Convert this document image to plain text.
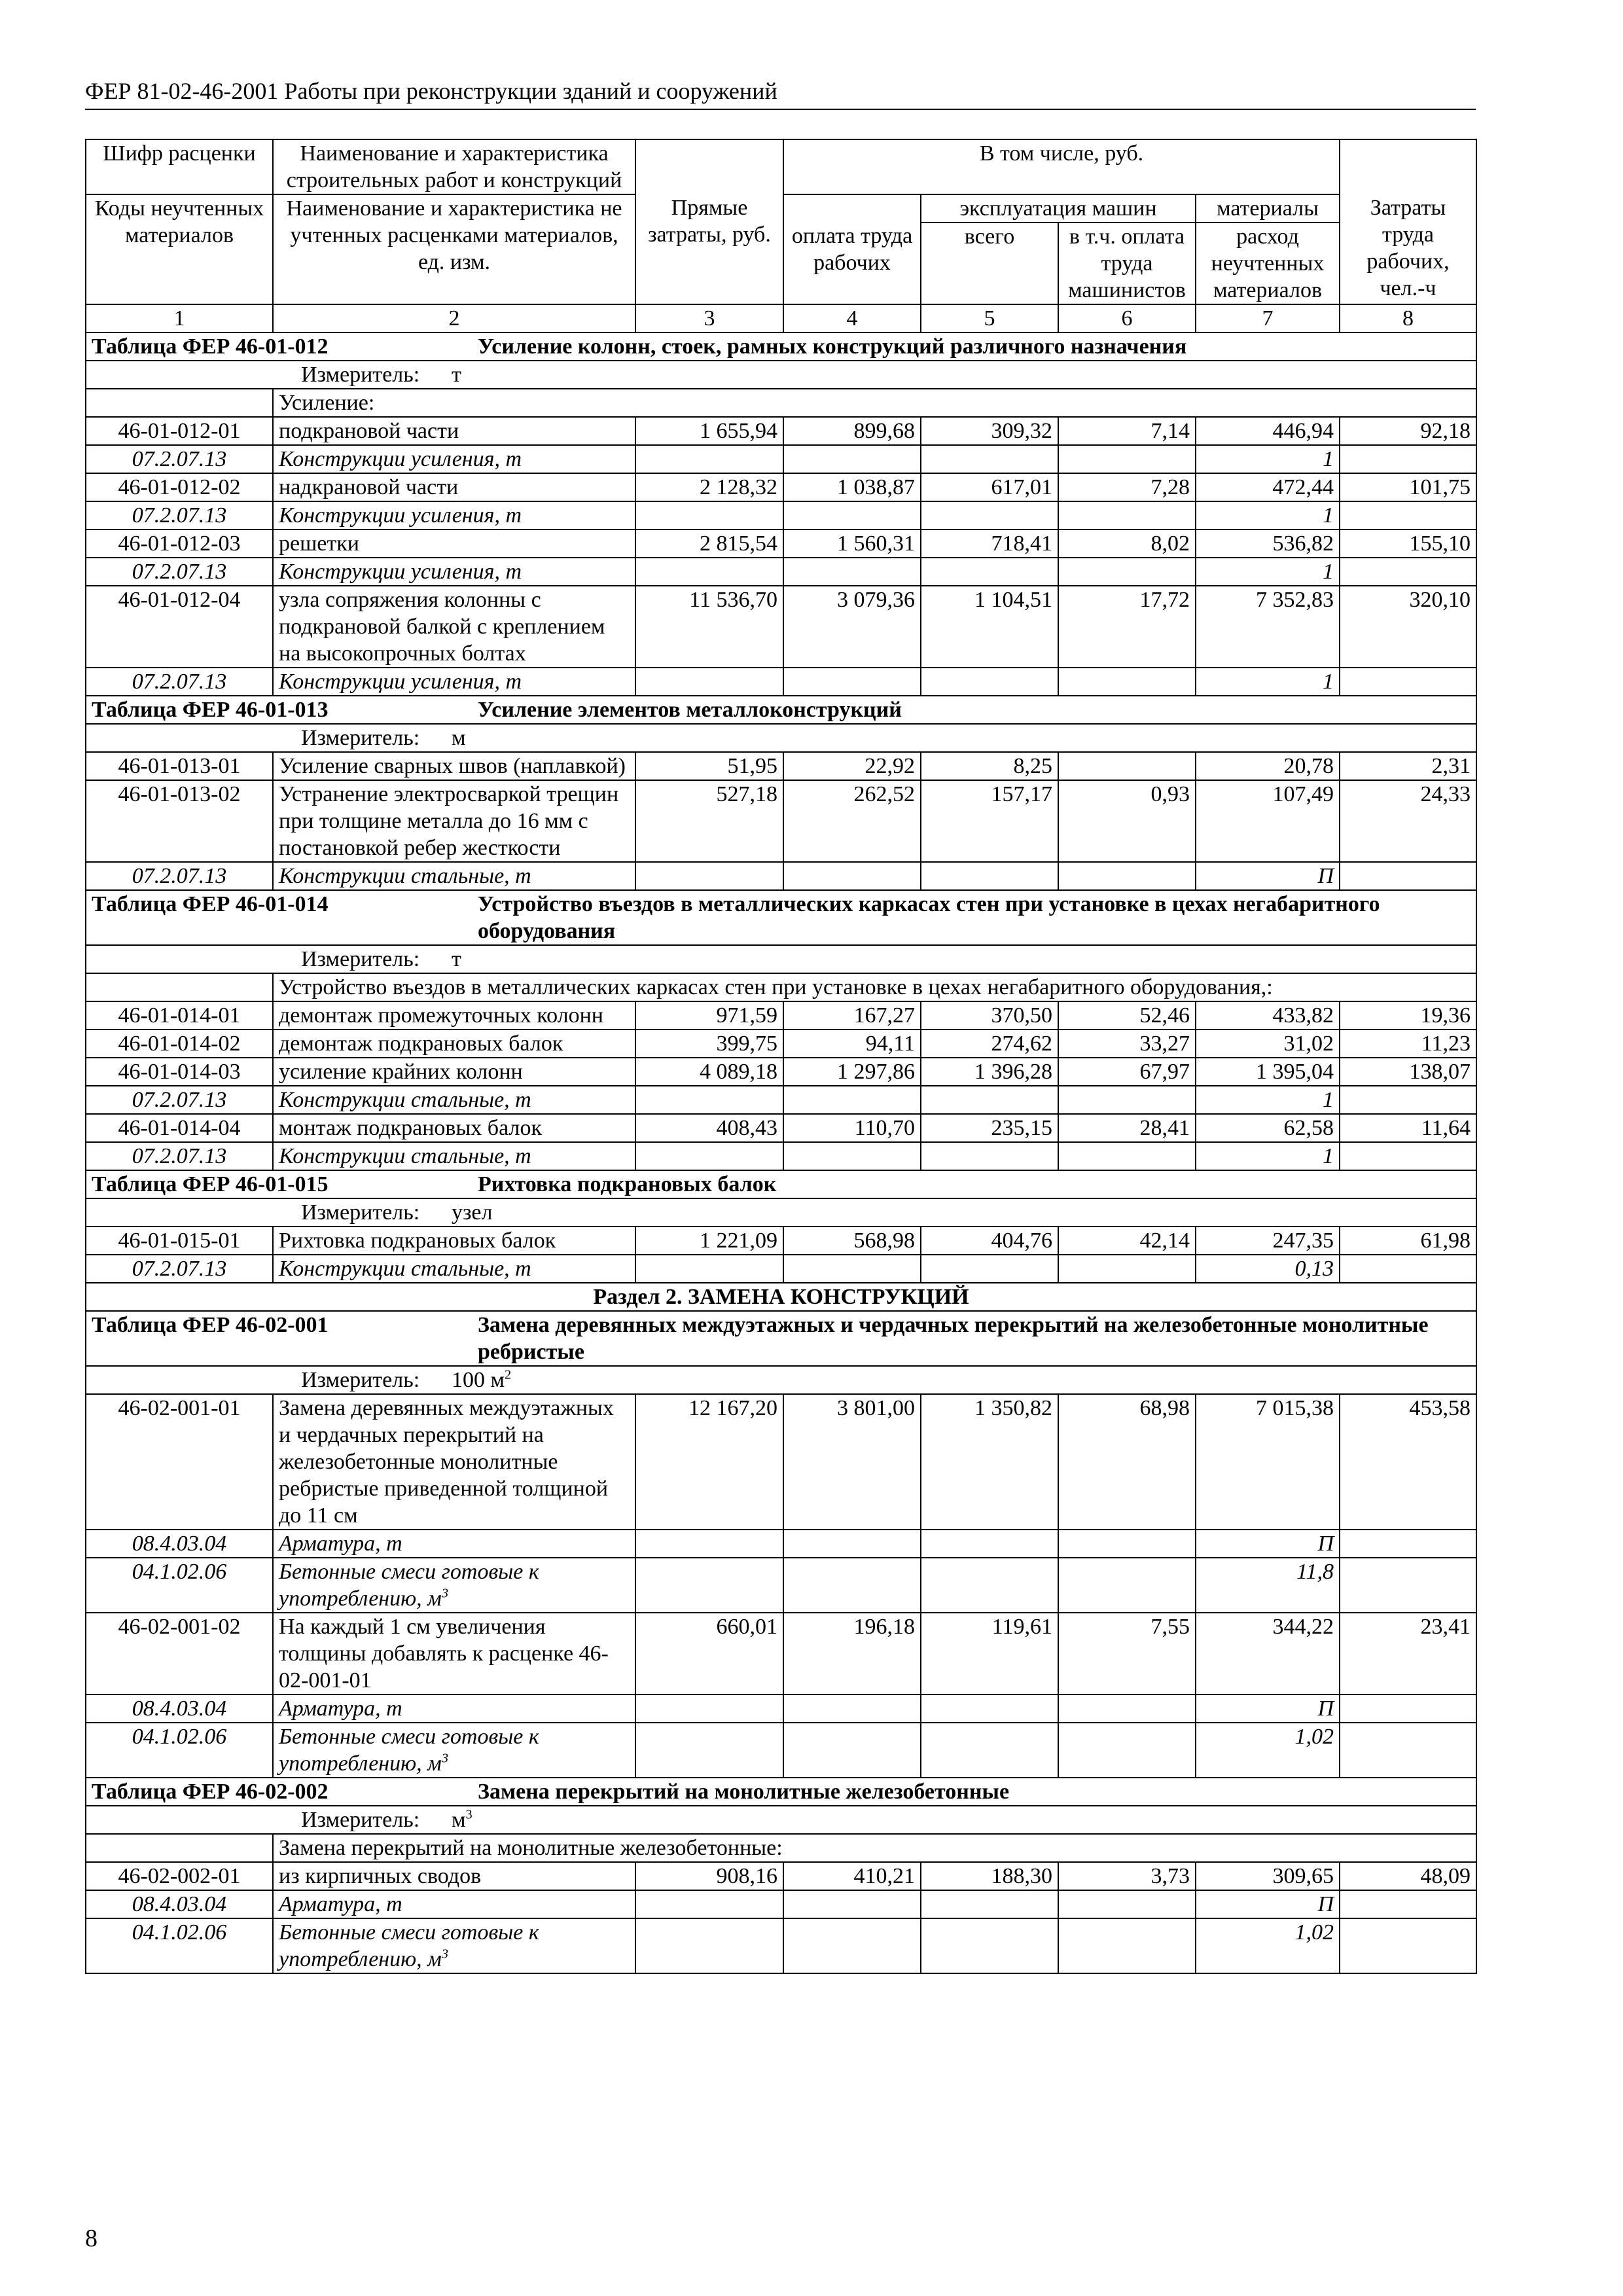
ФЕР 81-02-46-2001 Работы при реконструкции зданий и сооружений
Шифр расценки	Наименование и характеристика строительных работ и конструкций		В том числе, руб.				
Коды неучтенных материалов	Наименование и характеристика не учтенных расценками материалов, ед. изм.	Прямые затраты, руб.		эксплуатация машин		материалы	Затраты труда рабочих, чел.-ч
			оплата труда рабочих	всего	в т.ч. оплата труда машинистов	расход неучтенных материалов	
1	2	3	4	5	6	7	8
Таблица ФЕР 46-01-012 Усиление колонн, стоек, рамных конструкций различного назначения							
Измеритель: т							
	Усиление:						
46-01-012-01	подкрановой части	1 655,94	899,68	309,32	7,14	446,94	92,18
07.2.07.13	Конструкции усиления, т					1	
46-01-012-02	надкрановой части	2 128,32	1 038,87	617,01	7,28	472,44	101,75
07.2.07.13	Конструкции усиления, т					1	
46-01-012-03	решетки	2 815,54	1 560,31	718,41	8,02	536,82	155,10
07.2.07.13	Конструкции усиления, т					1	
46-01-012-04	узла сопряжения колонны с подкрановой балкой с креплением на высокопрочных болтах	11 536,70	3 079,36	1 104,51	17,72	7 352,83	320,10
07.2.07.13	Конструкции усиления, т					1	
Таблица ФЕР 46-01-013 Усиление элементов металлоконструкций							
Измеритель: м							
46-01-013-01	Усиление сварных швов (наплавкой)	51,95	22,92	8,25		20,78	2,31
46-01-013-02	Устранение электросваркой трещин при толщине металла до 16 мм с постановкой ребер жесткости	527,18	262,52	157,17	0,93	107,49	24,33
07.2.07.13	Конструкции стальные, т					П	
Таблица ФЕР 46-01-014 Устройство въездов в металлических каркасах стен при установке в цехах негабаритного оборудования							
Измеритель: т							
	Устройство въездов в металлических каркасах стен при установке в цехах негабаритного оборудования,:						
46-01-014-01	демонтаж промежуточных колонн	971,59	167,27	370,50	52,46	433,82	19,36
46-01-014-02	демонтаж подкрановых балок	399,75	94,11	274,62	33,27	31,02	11,23
46-01-014-03	усиление крайних колонн	4 089,18	1 297,86	1 396,28	67,97	1 395,04	138,07
07.2.07.13	Конструкции стальные, т					1	
46-01-014-04	монтаж подкрановых балок	408,43	110,70	235,15	28,41	62,58	11,64
07.2.07.13	Конструкции стальные, т					1	
Таблица ФЕР 46-01-015 Рихтовка подкрановых балок							
Измеритель: узел							
46-01-015-01	Рихтовка подкрановых балок	1 221,09	568,98	404,76	42,14	247,35	61,98
07.2.07.13	Конструкции стальные, т					0,13	
Раздел 2. ЗАМЕНА КОНСТРУКЦИЙ							
Таблица ФЕР 46-02-001 Замена деревянных междуэтажных и чердачных перекрытий на железобетонные монолитные ребристые							
Измеритель: 100 $м^2$
46-02-001-01	Замена деревянных междуэтажных и чердачных перекрытий на железобетонные монолитные ребристые приведенной толщиной до 11 см	12 167,20	3 801,00	1 350,82	68,98	7 015,38	453,58
08.4.03.04	Арматура, т					П	
04.1.02.06	Бетонные смеси готовые к употреблению, $м^3$					11,8	
46-02-001-02	На каждый 1 см увеличения толщины добавлять к расценке 46-02-001-01	660,01	196,18	119,61	7,55	344,22	23,41
08.4.03.04	Арматура, т					П	
04.1.02.06	Бетонные смеси готовые к употреблению, $м^3$					1,02	
Таблица ФЕР 46-02-002 Замена перекрытий на монолитные железобетонные							
Измеритель: $м^3$
	Замена перекрытий на монолитные железобетонные:						
46-02-002-01	из кирпичных сводов	908,16	410,21	188,30	3,73	309,65	48,09
08.4.03.04	Арматура, т					П	
04.1.02.06	Бетонные смеси готовые к употреблению, $м^3$					1,02	
8
